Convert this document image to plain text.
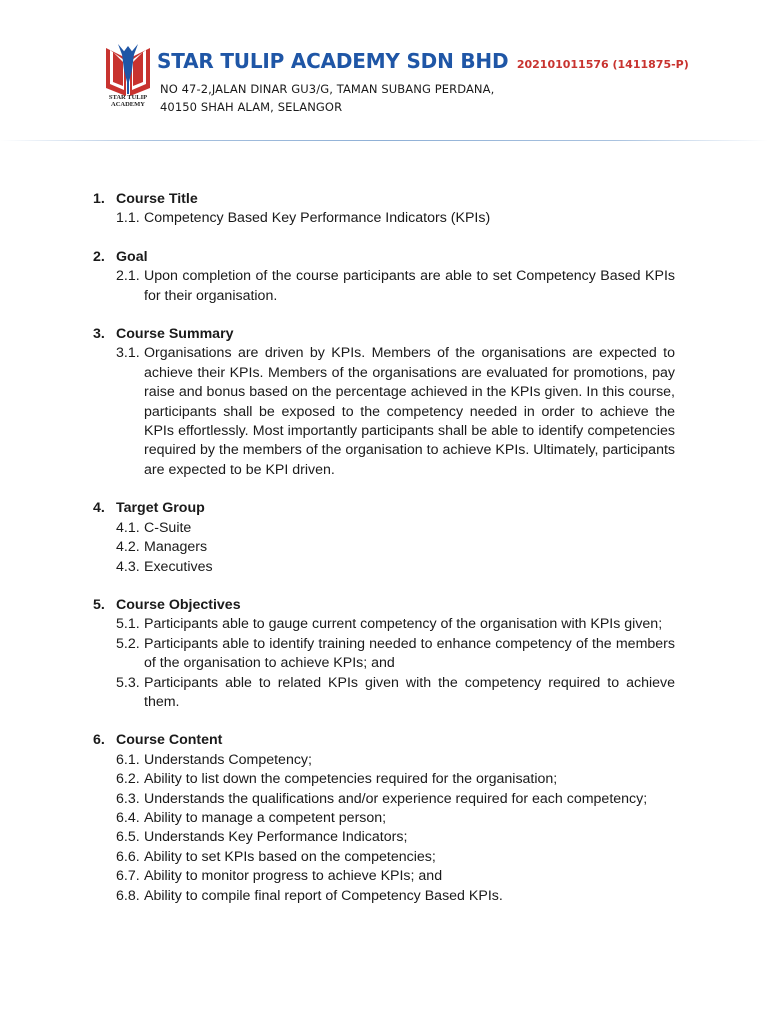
STAR TULIP
ACADEMY
STAR TULIP ACADEMY SDN BHD 202101011576 (1411875-P)
NO 47-2,JALAN DINAR GU3/G, TAMAN SUBANG PERDANA,
40150 SHAH ALAM, SELANGOR
1. Course Title
1.1. Competency Based Key Performance Indicators (KPIs)
2. Goal
2.1. Upon completion of the course participants are able to set Competency Based KPIs for their organisation.
3. Course Summary
3.1. Organisations are driven by KPIs. Members of the organisations are expected to achieve their KPIs. Members of the organisations are evaluated for promotions, pay raise and bonus based on the percentage achieved in the KPIs given. In this course, participants shall be exposed to the competency needed in order to achieve the KPIs effortlessly. Most importantly participants shall be able to identify competencies required by the members of the organisation to achieve KPIs. Ultimately, participants are expected to be KPI driven.
4. Target Group
4.1. C-Suite
4.2. Managers
4.3. Executives
5. Course Objectives
5.1. Participants able to gauge current competency of the organisation with KPIs given;
5.2. Participants able to identify training needed to enhance competency of the members of the organisation to achieve KPIs; and
5.3. Participants able to related KPIs given with the competency required to achieve them.
6. Course Content
6.1. Understands Competency;
6.2. Ability to list down the competencies required for the organisation;
6.3. Understands the qualifications and/or experience required for each competency;
6.4. Ability to manage a competent person;
6.5. Understands Key Performance Indicators;
6.6. Ability to set KPIs based on the competencies;
6.7. Ability to monitor progress to achieve KPIs; and
6.8. Ability to compile final report of Competency Based KPIs.
